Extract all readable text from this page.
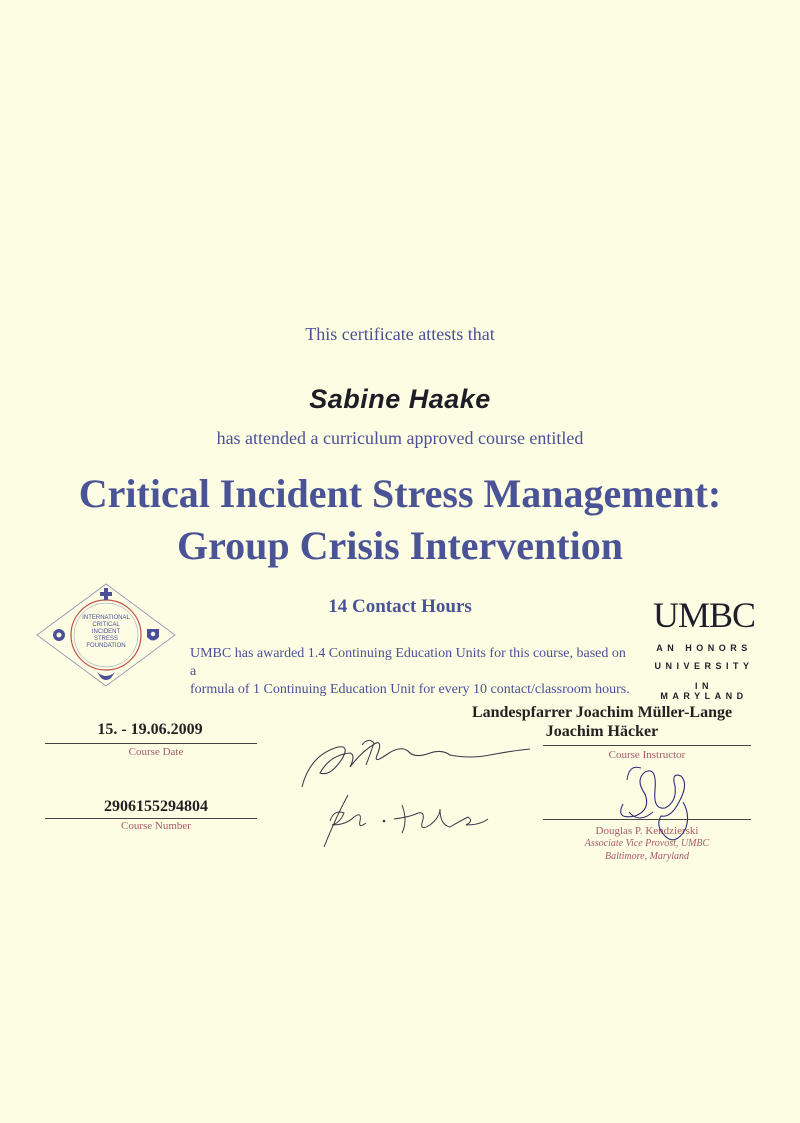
This certificate attests that
Sabine Haake
has attended a curriculum approved course entitled
Critical Incident Stress Management:
Group Crisis Intervention
14 Contact Hours
UMBC has awarded 1.4 Continuing Education Units for this course, based on a
formula of 1 Continuing Education Unit for every 10 contact/classroom hours.
INTERNATIONAL
CRITICAL
INCIDENT
STRESS
FOUNDATION
UMBC
AN HONORS
UNIVERSITY
IN MARYLAND
15. - 19.06.2009
Course Date
2906155294804
Course Number
Landespfarrer Joachim Müller-Lange
Joachim Häcker
Course Instructor
Douglas P. Kendzierski
Associate Vice Provost, UMBC
Baltimore, Maryland
